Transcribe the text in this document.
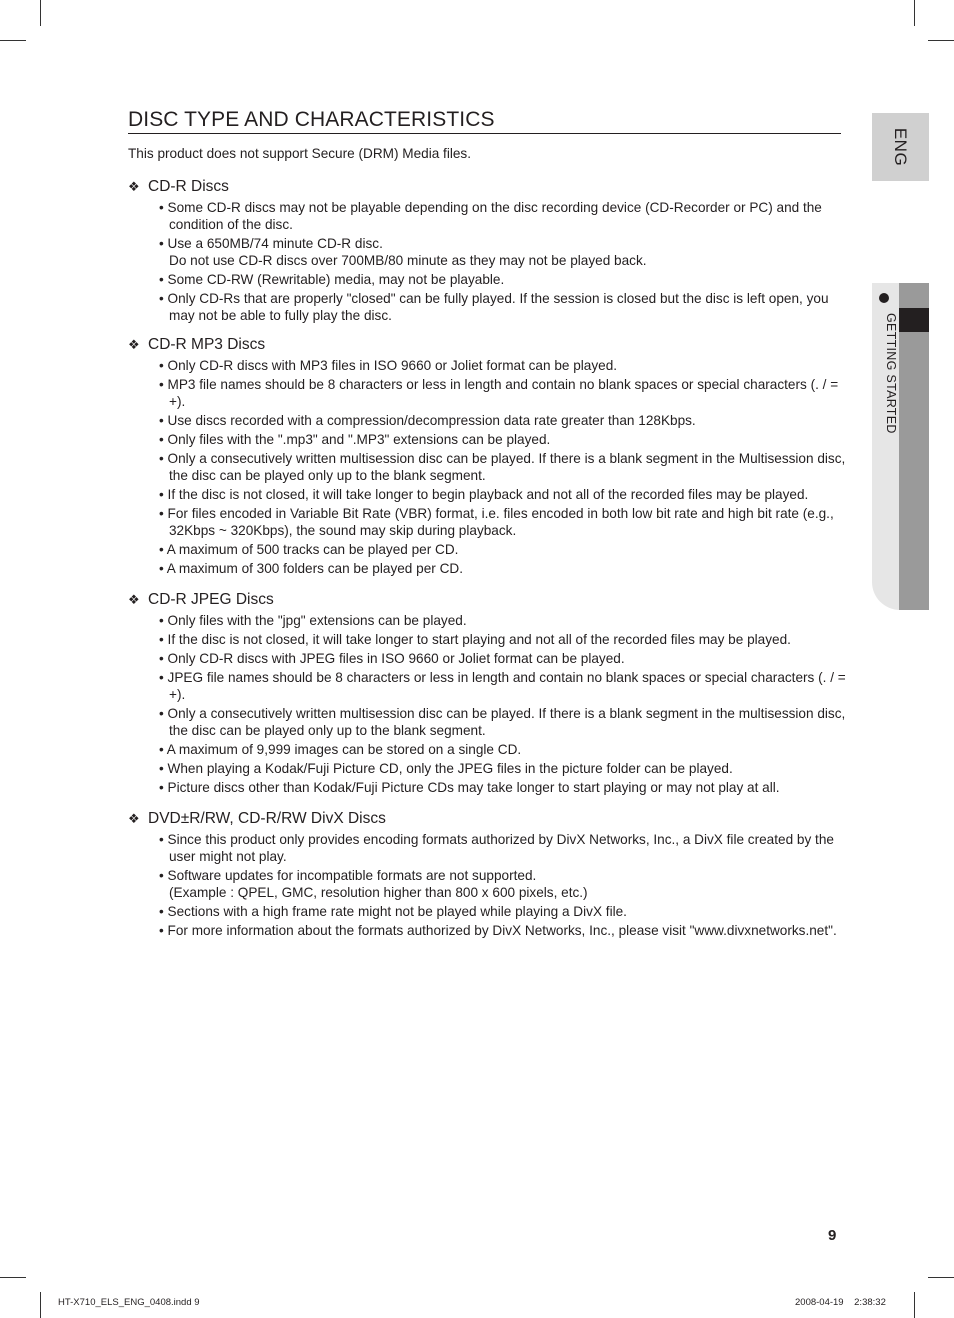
ENG
GETTING STARTED
DISC TYPE AND CHARACTERISTICS

This product does not support Secure (DRM) Media files.

❖ CD-R Discs
• Some CD-R discs may not be playable depending on the disc recording device (CD-Recorder or PC) and the condition of the disc.
• Use a 650MB/74 minute CD-R disc.
Do not use CD-R discs over 700MB/80 minute as they may not be played back.
• Some CD-RW (Rewritable) media, may not be playable.
• Only CD-Rs that are properly "closed" can be fully played. If the session is closed but the disc is left open, you may not be able to fully play the disc.
❖ CD-R MP3 Discs
• Only CD-R discs with MP3 files in ISO 9660 or Joliet format can be played.
• MP3 file names should be 8 characters or less in length and contain no blank spaces or special characters (. / = +).
• Use discs recorded with a compression/decompression data rate greater than 128Kbps.
• Only files with the ".mp3" and ".MP3" extensions can be played.
• Only a consecutively written multisession disc can be played. If there is a blank segment in the Multisession disc, the disc can be played only up to the blank segment.
• If the disc is not closed, it will take longer to begin playback and not all of the recorded files may be played.
• For files encoded in Variable Bit Rate (VBR) format, i.e. files encoded in both low bit rate and high bit rate (e.g., 32Kbps ~ 320Kbps), the sound may skip during playback.
• A maximum of 500 tracks can be played per CD.
• A maximum of 300 folders can be played per CD.
❖ CD-R JPEG Discs
• Only files with the "jpg" extensions can be played.
• If the disc is not closed, it will take longer to start playing and not all of the recorded files may be played.
• Only CD-R discs with JPEG files in ISO 9660 or Joliet format can be played.
• JPEG file names should be 8 characters or less in length and contain no blank spaces or special characters (. / = +).
• Only a consecutively written multisession disc can be played. If there is a blank segment in the multisession disc, the disc can be played only up to the blank segment.
• A maximum of 9,999 images can be stored on a single CD.
• When playing a Kodak/Fuji Picture CD, only the JPEG files in the picture folder can be played.
• Picture discs other than Kodak/Fuji Picture CDs may take longer to start playing or may not play at all.
❖ DVD±R/RW, CD-R/RW DivX Discs
• Since this product only provides encoding formats authorized by DivX Networks, Inc., a DivX file created by the user might not play.
• Software updates for incompatible formats are not supported.
(Example : QPEL, GMC, resolution higher than 800 x 600 pixels, etc.)
• Sections with a high frame rate might not be played while playing a DivX file.
• For more information about the formats authorized by DivX Networks, Inc., please visit "www.divxnetworks.net".
9
HT-X710_ELS_ENG_0408.indd 9	2008-04-19    2:38:32
